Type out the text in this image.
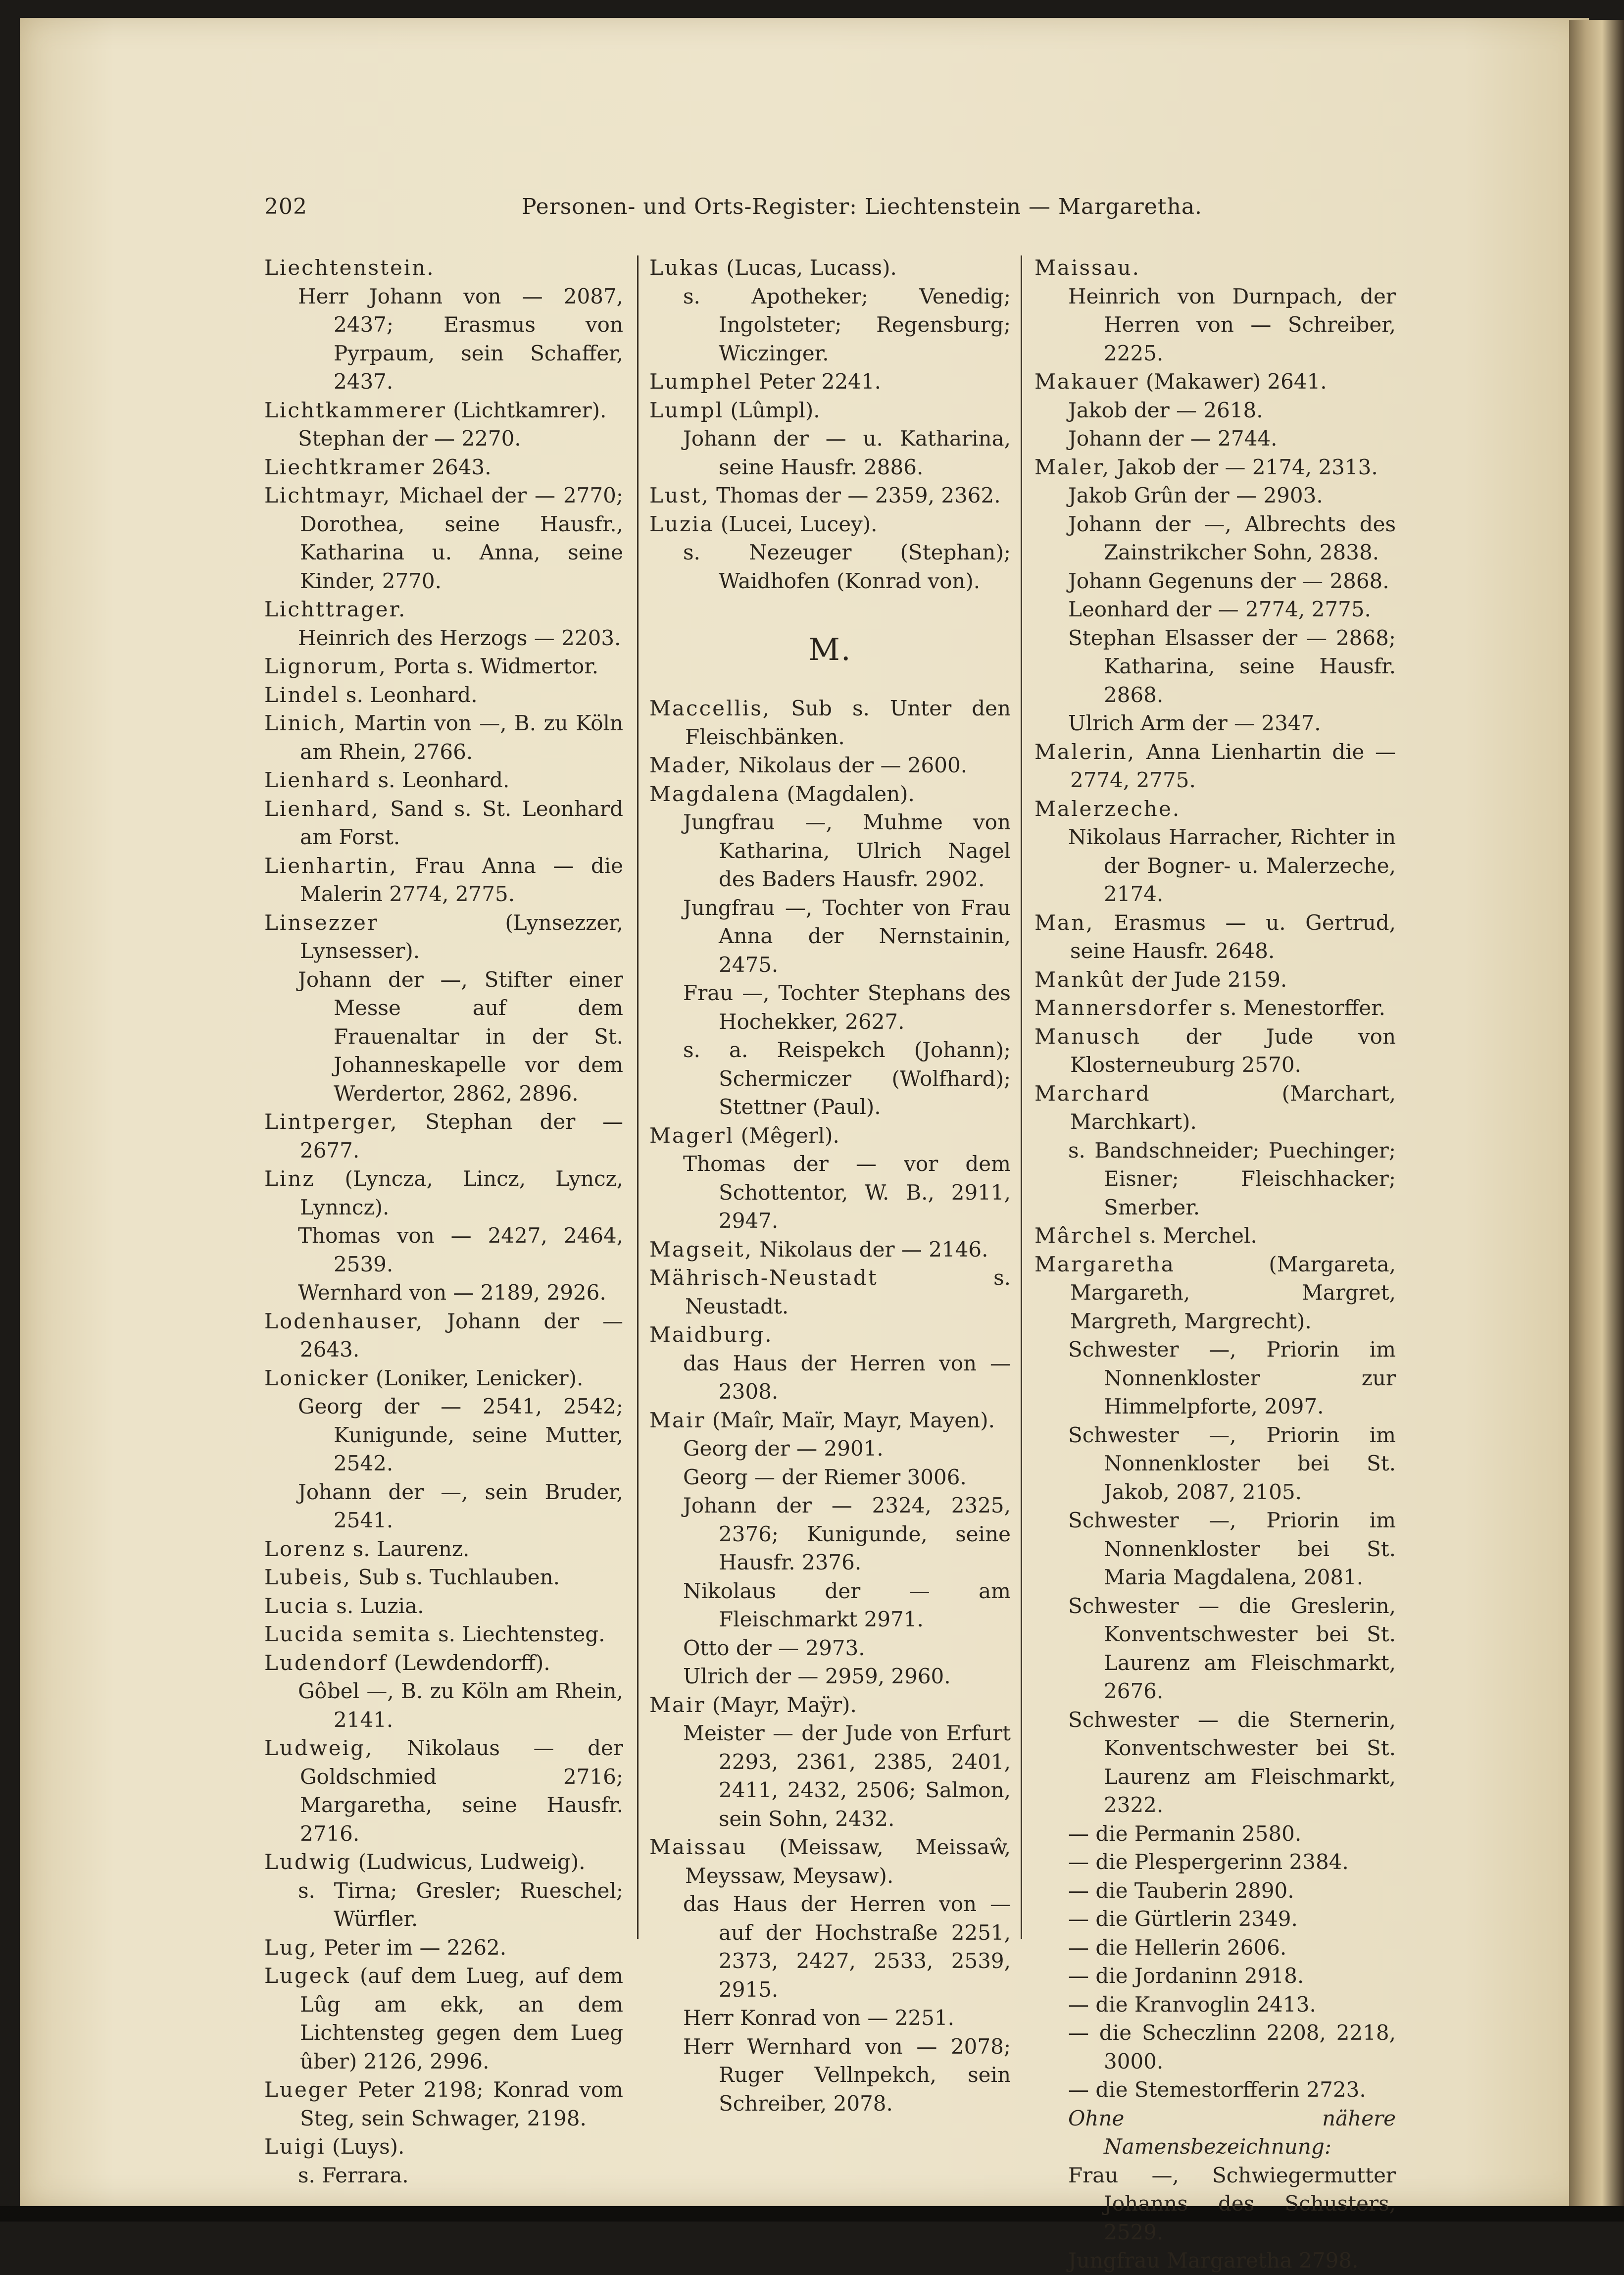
202	Personen- und Orts-Register: Liechtenstein — Margaretha.

Liechtenstein.

Herr Johann von — 2087, 2437; Erasmus von Pyrpaum, sein Schaffer, 2437.

Lichtkammerer (Lichtkamrer).

Stephan der — 2270.

Liechtkramer 2643.

Lichtmayr, Michael der — 2770; Dorothea, seine Hausfr., Katharina u. Anna, seine Kinder, 2770.

Lichttrager.

Heinrich des Herzogs — 2203.

Lignorum, Porta s. Widmertor.

Lindel s. Leonhard.

Linich, Martin von —, B. zu Köln am Rhein, 2766.

Lienhard s. Leonhard.

Lienhard, Sand s. St. Leonhard am Forst.

Lienhartin, Frau Anna — die Malerin 2774, 2775.

Linsezzer (Lynsezzer, Lynsesser).

Johann der —, Stifter einer Messe auf dem Frauenaltar in der St. Johanneskapelle vor dem Werdertor, 2862, 2896.

Lintperger, Stephan der — 2677.

Linz (Lyncza, Lincz, Lyncz, Lynncz).

Thomas von — 2427, 2464, 2539.

Wernhard von — 2189, 2926.

Lodenhauser, Johann der — 2643.

Lonicker (Loniker, Lenicker).

Georg der — 2541, 2542; Kunigunde, seine Mutter, 2542.

Johann der —, sein Bruder, 2541.

Lorenz s. Laurenz.

Lubeis, Sub s. Tuchlauben.

Lucia s. Luzia.

Lucida semita s. Liechtensteg.

Ludendorf (Lewdendorff).

Gôbel —, B. zu Köln am Rhein, 2141.

Ludweig, Nikolaus — der Goldschmied 2716; Margaretha, seine Hausfr. 2716.

Ludwig (Ludwicus, Ludweig).

s. Tirna; Gresler; Rueschel; Würfler.

Lug, Peter im — 2262.

Lugeck (auf dem Lueg, auf dem Lûg am ekk, an dem Lichtensteg gegen dem Lueg ûber) 2126, 2996.

Lueger Peter 2198; Konrad vom Steg, sein Schwager, 2198.

Luigi (Luys).

s. Ferrara.

Lukas (Lucas, Lucass).

s. Apotheker; Venedig; Ingolsteter; Regensburg; Wiczinger.

Lumphel Peter 2241.

Lumpl (Lûmpl).

Johann der — u. Katharina, seine Hausfr. 2886.

Lust, Thomas der — 2359, 2362.

Luzia (Lucei, Lucey).

s. Nezeuger (Stephan); Waidhofen (Konrad von).

M.

Maccellis, Sub s. Unter den Fleischbänken.

Mader, Nikolaus der — 2600.

Magdalena (Magdalen).

Jungfrau —, Muhme von Katharina, Ulrich Nagel des Baders Hausfr. 2902.

Jungfrau —, Tochter von Frau Anna der Nernstainin, 2475.

Frau —, Tochter Stephans des Hochekker, 2627.

s. a. Reispekch (Johann); Schermiczer (Wolfhard); Stettner (Paul).

Magerl (Mêgerl).

Thomas der — vor dem Schottentor, W. B., 2911, 2947.

Magseit, Nikolaus der — 2146.

Mährisch-Neustadt s. Neustadt.

Maidburg.

das Haus der Herren von — 2308.

Mair (Maîr, Maïr, Mayr, Mayen).

Georg der — 2901.

Georg — der Riemer 3006.

Johann der — 2324, 2325, 2376; Kunigunde, seine Hausfr. 2376.

Nikolaus der — am Fleischmarkt 2971.

Otto der — 2973.

Ulrich der — 2959, 2960.

Mair (Mayr, Maÿr).

Meister — der Jude von Erfurt 2293, 2361, 2385, 2401, 2411, 2432, 2506; Salmon, sein Sohn, 2432.

Maissau (Meissaw, Meissaŵ, Meyssaw, Meysaw).

das Haus der Herren von — auf der Hochstraße 2251, 2373, 2427, 2533, 2539, 2915.

Herr Konrad von — 2251.

Herr Wernhard von — 2078; Ruger Vellnpekch, sein Schreiber, 2078.

Maissau.

Heinrich von Durnpach, der Herren von — Schreiber, 2225.

Makauer (Makawer) 2641.

Jakob der — 2618.

Johann der — 2744.

Maler, Jakob der — 2174, 2313.

Jakob Grûn der — 2903.

Johann der —, Albrechts des Zainstrikcher Sohn, 2838.

Johann Gegenuns der — 2868.

Leonhard der — 2774, 2775.

Stephan Elsasser der — 2868; Katharina, seine Hausfr. 2868.

Ulrich Arm der — 2347.

Malerin, Anna Lienhartin die — 2774, 2775.

Malerzeche.

Nikolaus Harracher, Richter in der Bogner- u. Malerzeche, 2174.

Man, Erasmus — u. Gertrud, seine Hausfr. 2648.

Mankût der Jude 2159.

Mannersdorfer s. Menestorffer.

Manusch der Jude von Klosterneuburg 2570.

Marchard (Marchart, Marchkart).

s. Bandschneider; Puechinger; Eisner; Fleischhacker; Smerber.

Mârchel s. Merchel.

Margaretha (Margareta, Margareth, Margret, Margreth, Margrecht).

Schwester —, Priorin im Nonnenkloster zur Himmelpforte, 2097.

Schwester —, Priorin im Nonnenkloster bei St. Jakob, 2087, 2105.

Schwester —, Priorin im Nonnenkloster bei St. Maria Magdalena, 2081.

Schwester — die Greslerin, Konventschwester bei St. Laurenz am Fleischmarkt, 2676.

Schwester — die Sternerin, Konventschwester bei St. Laurenz am Fleischmarkt, 2322.

— die Permanin 2580.

— die Plespergerinn 2384.

— die Tauberin 2890.

— die Gürtlerin 2349.

— die Hellerin 2606.

— die Jordaninn 2918.

— die Kranvoglin 2413.

— die Scheczlinn 2208, 2218, 3000.

— die Stemestorfferin 2723.

Ohne nähere Namensbezeichnung:

Frau —, Schwiegermutter Johanns des Schusters, 2529.

Jungfrau Margaretha 2798.
